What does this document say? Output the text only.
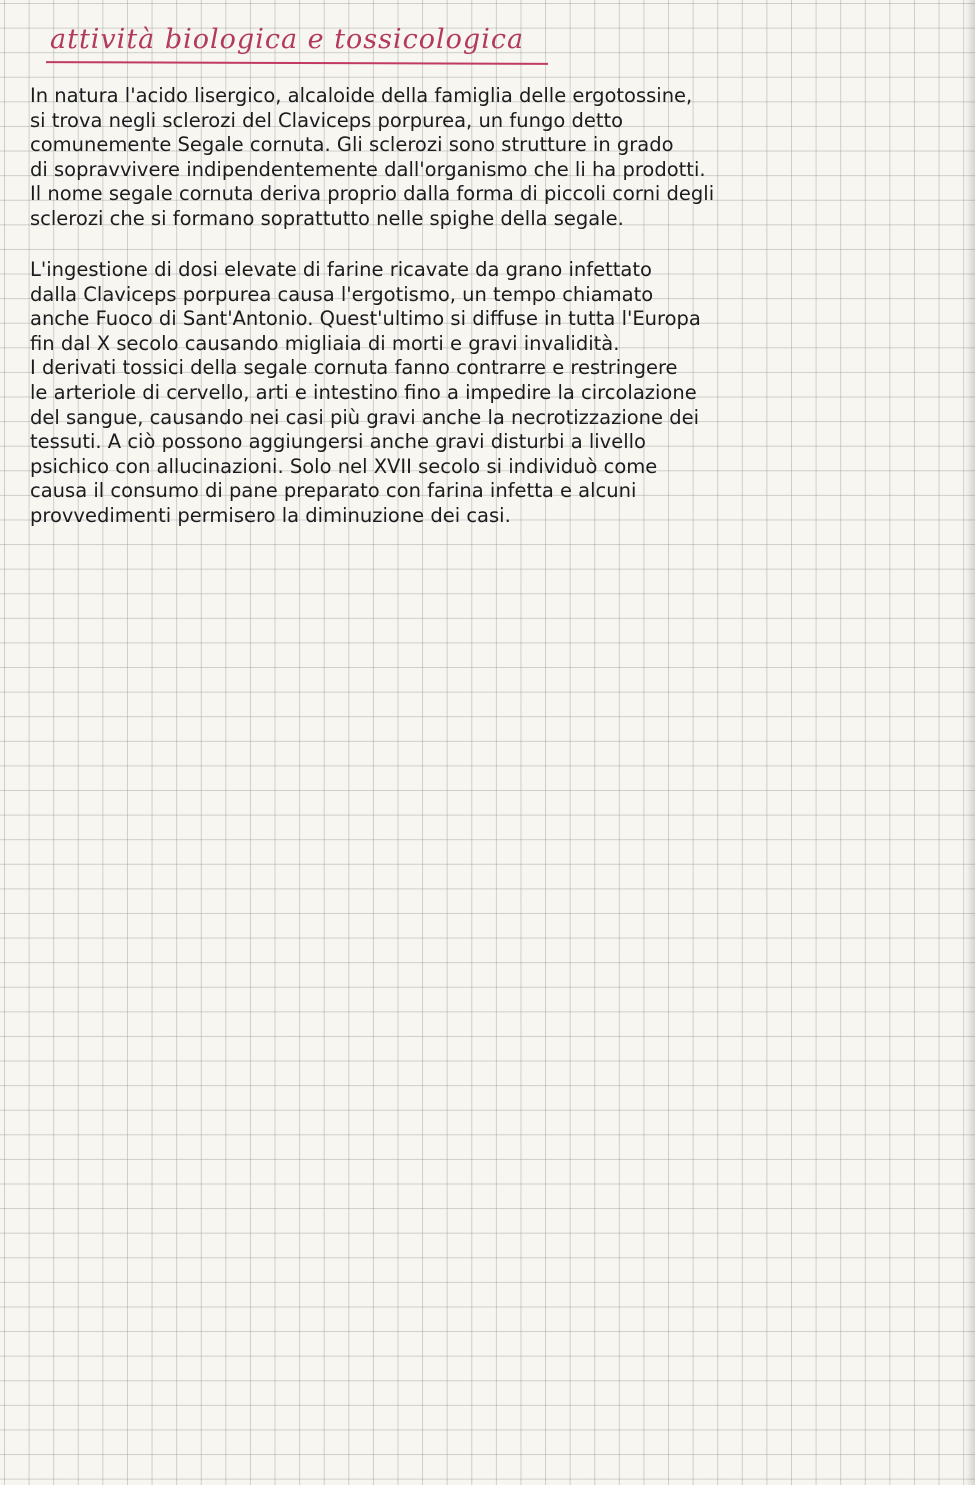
attività biologica e tossicologica
In natura l'acido lisergico, alcaloide della famiglia delle ergotossine,
si trova negli sclerozi del Claviceps porpurea, un fungo detto
comunemente Segale cornuta. Gli sclerozi sono strutture in grado
di sopravvivere indipendentemente dall'organismo che li ha prodotti.
Il nome segale cornuta deriva proprio dalla forma di piccoli corni degli
sclerozi che si formano soprattutto nelle spighe della segale.
L'ingestione di dosi elevate di farine ricavate da grano infettato
dalla Claviceps porpurea causa l'ergotismo, un tempo chiamato
anche Fuoco di Sant'Antonio. Quest'ultimo si diffuse in tutta l'Europa
fin dal X secolo causando migliaia di morti e gravi invalidità.
I derivati tossici della segale cornuta fanno contrarre e restringere
le arteriole di cervello, arti e intestino fino a impedire la circolazione
del sangue, causando nei casi più gravi anche la necrotizzazione dei
tessuti. A ciò possono aggiungersi anche gravi disturbi a livello
psichico con allucinazioni. Solo nel XVII secolo si individuò come
causa il consumo di pane preparato con farina infetta e alcuni
provvedimenti permisero la diminuzione dei casi.
